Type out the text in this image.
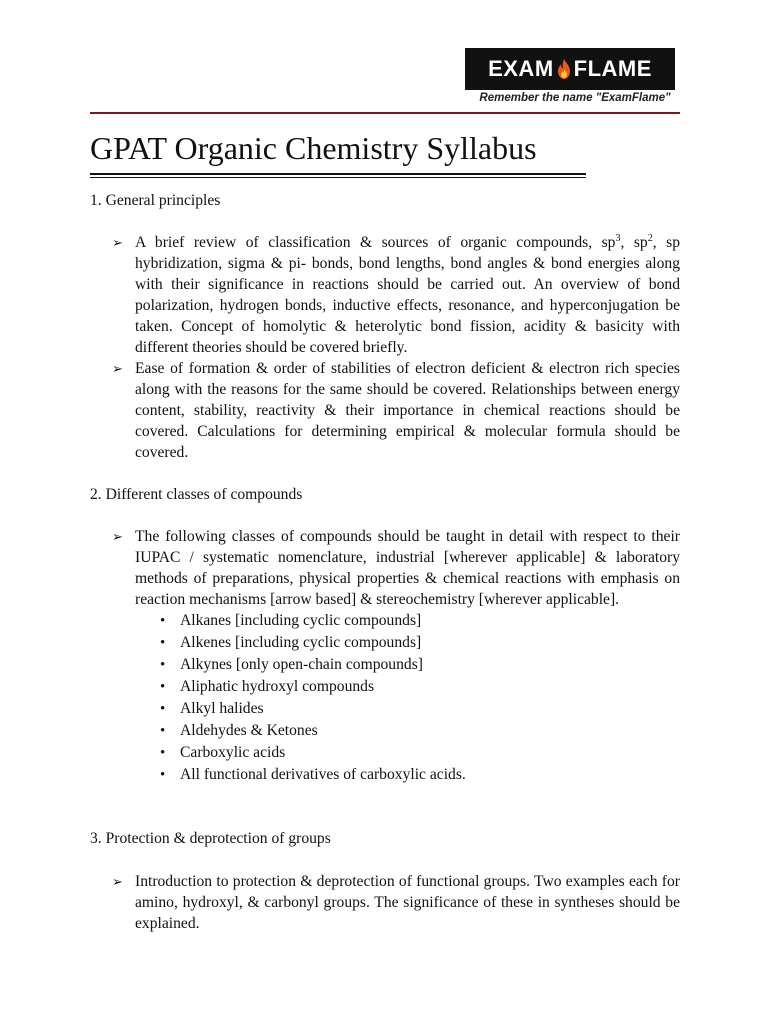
EXAM FLAME
Remember the name "ExamFlame"
GPAT Organic Chemistry Syllabus

1. General principles

➢ A brief review of classification & sources of organic compounds, $sp^3$, $sp^2$, sp hybridization, sigma & pi- bonds, bond lengths, bond angles & bond energies along with their significance in reactions should be carried out. An overview of bond polarization, hydrogen bonds, inductive effects, resonance, and hyperconjugation be taken. Concept of homolytic & heterolytic bond fission, acidity & basicity with different theories should be covered briefly.

➢ Ease of formation & order of stabilities of electron deficient & electron rich species along with the reasons for the same should be covered. Relationships between energy content, stability, reactivity & their importance in chemical reactions should be covered. Calculations for determining empirical & molecular formula should be covered.

2. Different classes of compounds

➢ The following classes of compounds should be taught in detail with respect to their IUPAC / systematic nomenclature, industrial [wherever applicable] & laboratory methods of preparations, physical properties & chemical reactions with emphasis on reaction mechanisms [arrow based] & stereochemistry [wherever applicable].

• Alkanes [including cyclic compounds]
• Alkenes [including cyclic compounds]
• Alkynes [only open-chain compounds]
• Aliphatic hydroxyl compounds
• Alkyl halides
• Aldehydes & Ketones
• Carboxylic acids
• All functional derivatives of carboxylic acids.

3. Protection & deprotection of groups

➢ Introduction to protection & deprotection of functional groups. Two examples each for amino, hydroxyl, & carbonyl groups. The significance of these in syntheses should be explained.
